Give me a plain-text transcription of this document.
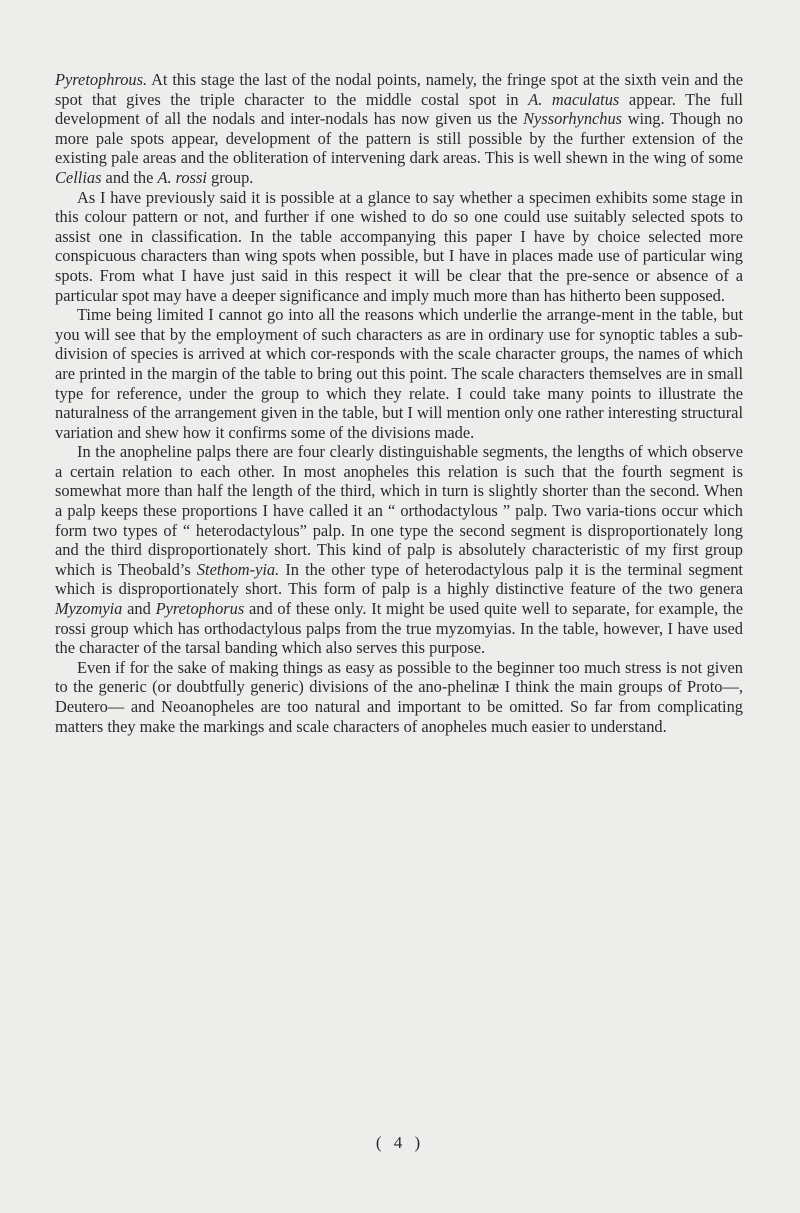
Pyretophrous. At this stage the last of the nodal points, namely, the fringe spot at the sixth vein and the spot that gives the triple character to the middle costal spot in A. maculatus appear. The full development of all the nodals and inter-nodals has now given us the Nyssorhynchus wing. Though no more pale spots appear, development of the pattern is still possible by the further extension of the existing pale areas and the obliteration of intervening dark areas. This is well shewn in the wing of some Cellias and the A. rossi group.

As I have previously said it is possible at a glance to say whether a specimen exhibits some stage in this colour pattern or not, and further if one wished to do so one could use suitably selected spots to assist one in classification. In the table accompanying this paper I have by choice selected more conspicuous characters than wing spots when possible, but I have in places made use of particular wing spots. From what I have just said in this respect it will be clear that the pre-sence or absence of a particular spot may have a deeper significance and imply much more than has hitherto been supposed.

Time being limited I cannot go into all the reasons which underlie the arrange-ment in the table, but you will see that by the employment of such characters as are in ordinary use for synoptic tables a sub-division of species is arrived at which cor-responds with the scale character groups, the names of which are printed in the margin of the table to bring out this point. The scale characters themselves are in small type for reference, under the group to which they relate. I could take many points to illustrate the naturalness of the arrangement given in the table, but I will mention only one rather interesting structural variation and shew how it confirms some of the divisions made.

In the anopheline palps there are four clearly distinguishable segments, the lengths of which observe a certain relation to each other. In most anopheles this relation is such that the fourth segment is somewhat more than half the length of the third, which in turn is slightly shorter than the second. When a palp keeps these proportions I have called it an “ orthodactylous ” palp. Two varia-tions occur which form two types of “ heterodactylous” palp. In one type the second segment is disproportionately long and the third disproportionately short. This kind of palp is absolutely characteristic of my first group which is Theobald’s Stethom-yia. In the other type of heterodactylous palp it is the terminal segment which is disproportionately short. This form of palp is a highly distinctive feature of the two genera Myzomyia and Pyretophorus and of these only. It might be used quite well to separate, for example, the rossi group which has orthodactylous palps from the true myzomyias. In the table, however, I have used the character of the tarsal banding which also serves this purpose.

Even if for the sake of making things as easy as possible to the beginner too much stress is not given to the generic (or doubtfully generic) divisions of the ano-phelinæ I think the main groups of Proto—, Deutero— and Neoanopheles are too natural and important to be omitted. So far from complicating matters they make the markings and scale characters of anopheles much easier to understand.

( 4 )
